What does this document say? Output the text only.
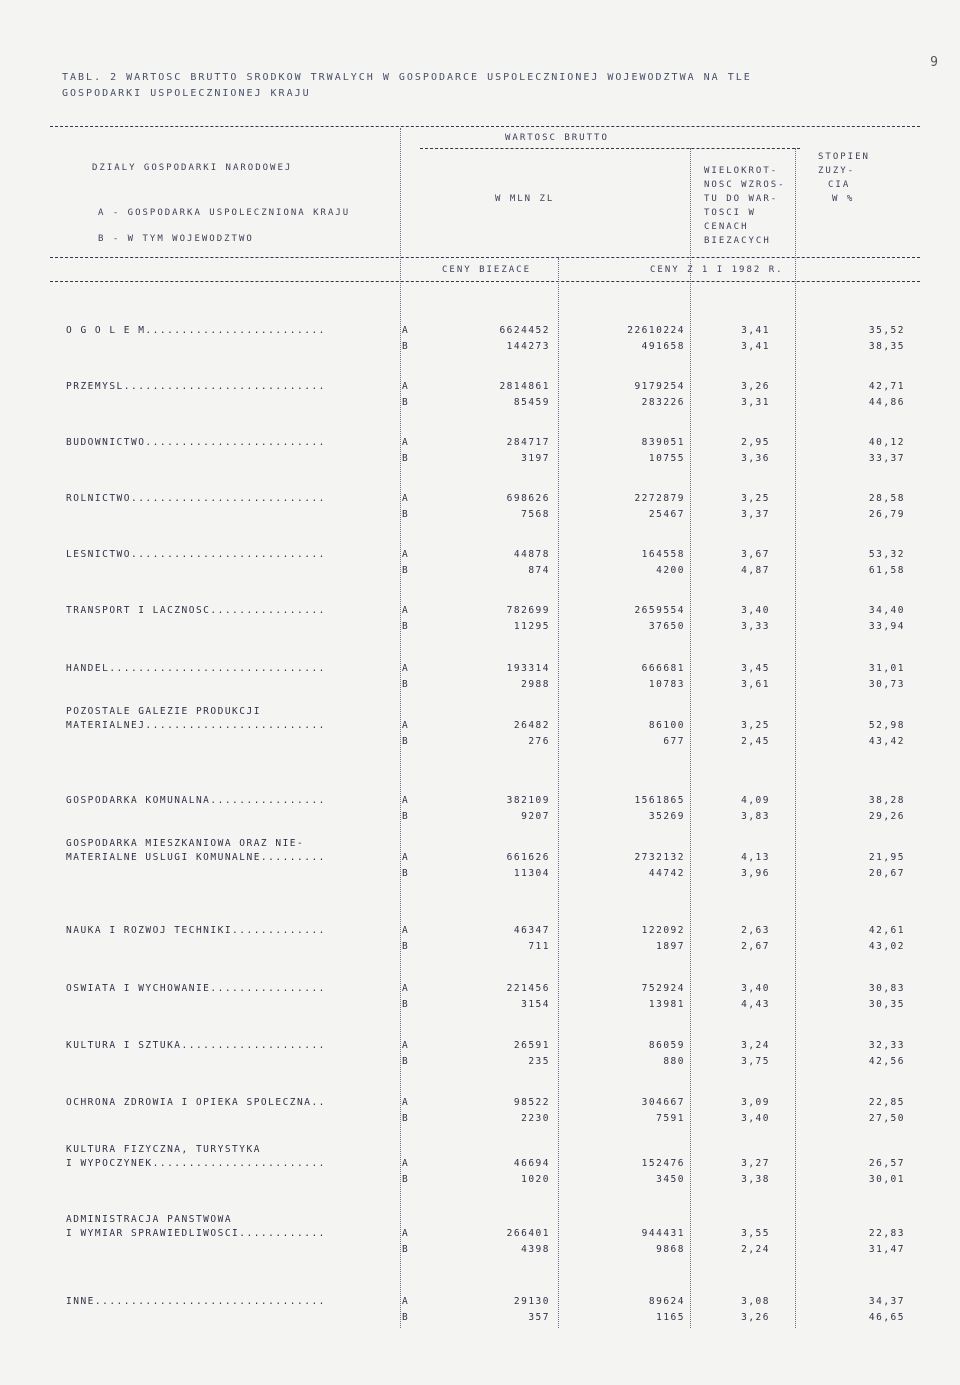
9
TABL. 2 WARTOSC BRUTTO SRODKOW TRWALYCH W GOSPODARCE USPOLECZNIONEJ WOJEWODZTWA NA TLE
GOSPODARKI USPOLECZNIONEJ KRAJU
WARTOSC BRUTTO
DZIALY GOSPODARKI NARODOWEJ
A - GOSPODARKA USPOLECZNIONA KRAJU
B - W TYM WOJEWODZTWO
W MLN ZL
WIELOKROT-
NOSC WZROS-
TU DO WAR-
TOSCI W
CENACH
BIEZACYCH
STOPIEN
ZUZY-
CIA
W %
CENY BIEZACE	CENY Z 1 I 1982 R.
O G O L E M.........................	A	6624452	22610224	3,41	35,52
B	144273	491658	3,41	38,35
PRZEMYSL............................	A	2814861	9179254	3,26	42,71
B	85459	283226	3,31	44,86
BUDOWNICTWO.........................	A	284717	839051	2,95	40,12
B	3197	10755	3,36	33,37
ROLNICTWO...........................	A	698626	2272879	3,25	28,58
B	7568	25467	3,37	26,79
LESNICTWO...........................	A	44878	164558	3,67	53,32
B	874	4200	4,87	61,58
TRANSPORT I LACZNOSC................	A	782699	2659554	3,40	34,40
B	11295	37650	3,33	33,94
HANDEL..............................	A	193314	666681	3,45	31,01
B	2988	10783	3,61	30,73
POZOSTALE GALEZIE PRODUKCJI
MATERIALNEJ.........................	A	26482	86100	3,25	52,98
B	276	677	2,45	43,42
GOSPODARKA KOMUNALNA................	A	382109	1561865	4,09	38,28
B	9207	35269	3,83	29,26
GOSPODARKA MIESZKANIOWA ORAZ NIE-
MATERIALNE USLUGI KOMUNALNE.........	A	661626	2732132	4,13	21,95
B	11304	44742	3,96	20,67
NAUKA I ROZWOJ TECHNIKI.............	A	46347	122092	2,63	42,61
B	711	1897	2,67	43,02
OSWIATA I WYCHOWANIE................	A	221456	752924	3,40	30,83
B	3154	13981	4,43	30,35
KULTURA I SZTUKA....................	A	26591	86059	3,24	32,33
B	235	880	3,75	42,56
OCHRONA ZDROWIA I OPIEKA SPOLECZNA..	A	98522	304667	3,09	22,85
B	2230	7591	3,40	27,50
KULTURA FIZYCZNA, TURYSTYKA
I WYPOCZYNEK........................	A	46694	152476	3,27	26,57
B	1020	3450	3,38	30,01
ADMINISTRACJA PANSTWOWA
I WYMIAR SPRAWIEDLIWOSCI............	A	266401	944431	3,55	22,83
B	4398	9868	2,24	31,47
INNE................................	A	29130	89624	3,08	34,37
B	357	1165	3,26	46,65
